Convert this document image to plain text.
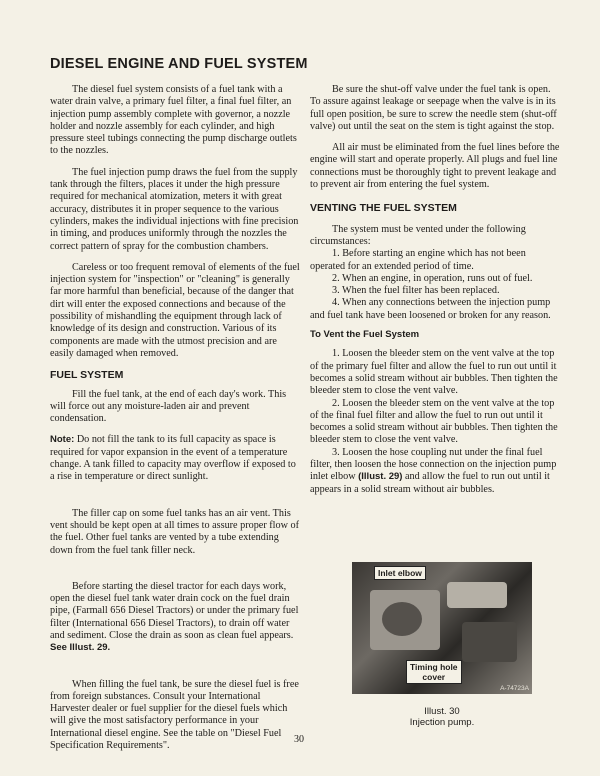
DIESEL ENGINE AND FUEL SYSTEM

The diesel fuel system consists of a fuel tank with a water drain valve, a primary fuel filter, a final fuel filter, an injection pump assembly complete with governor, a nozzle holder and nozzle assembly for each cylinder, and high pressure steel tubings connecting the pump discharge outlets to the nozzles.

The fuel injection pump draws the fuel from the supply tank through the filters, places it under the high pressure required for mechanical atomization, meters it with great accuracy, distributes it in proper sequence to the various cylinders, makes the individual injections with fine precision in timing, and produces uniformly through the nozzles the correct pattern of spray for the combustion chambers.

Careless or too frequent removal of elements of the fuel injection system for "inspection" or "cleaning" is generally far more harmful than beneficial, because of the danger that dirt will enter the exposed connections and because of the possibility of mishandling the equipment through lack of knowledge of its design and construction. Various of its components are made with the utmost precision and are easily damaged when removed.

FUEL SYSTEM

Fill the fuel tank, at the end of each day's work. This will force out any moisture-laden air and prevent condensation.

Note: Do not fill the tank to its full capacity as space is required for vapor expansion in the event of a temperature change. A tank filled to capacity may overflow if exposed to a rise in temperature or direct sunlight.

The filler cap on some fuel tanks has an air vent. This vent should be kept open at all times to assure proper flow of the fuel. Other fuel tanks are vented by a tube extending down from the fuel tank filler neck.

Before starting the diesel tractor for each days work, open the diesel fuel tank water drain cock on the fuel drain pipe, (Farmall 656 Diesel Tractors) or under the primary fuel filter (International 656 Diesel Tractors), to drain off water and sediment. Close the drain as soon as clean fuel appears. See Illust. 29.

When filling the fuel tank, be sure the diesel fuel is free from foreign substances. Consult your International Harvester dealer or fuel supplier for the diesel fuels which will give the most satisfactory performance in your International diesel engine. See the table on "Diesel Fuel Specification Requirements".

Be sure the shut-off valve under the fuel tank is open. To assure against leakage or seepage when the valve is in its full open position, be sure to screw the needle stem (shut-off valve) out until the seat on the stem is tight against the stop.

All air must be eliminated from the fuel lines before the engine will start and operate properly. All plugs and fuel line connections must be thoroughly tight to prevent leakage and to prevent air from entering the fuel system.

VENTING THE FUEL SYSTEM

The system must be vented under the following circumstances:

1. Before starting an engine which has not been operated for an extended period of time.

2. When an engine, in operation, runs out of fuel.

3. When the fuel filter has been replaced.

4. When any connections between the injection pump and fuel tank have been loosened or broken for any reason.

To Vent the Fuel System

1. Loosen the bleeder stem on the vent valve at the top of the primary fuel filter and allow the fuel to run out until it becomes a solid stream without air bubbles. Then tighten the bleeder stem to close the vent valve.

2. Loosen the bleeder stem on the vent valve at the top of the final fuel filter and allow the fuel to run out until it becomes a solid stream without air bubbles. Then tighten the bleeder stem to close the vent valve.

3. Loosen the hose coupling nut under the final fuel filter, then loosen the hose connection on the injection pump inlet elbow (Illust. 29) and allow the fuel to run out until it appears in a solid stream without air bubbles.

Inlet elbow
Timing hole
cover
A-74723A
Illust. 30
Injection pump.
30
